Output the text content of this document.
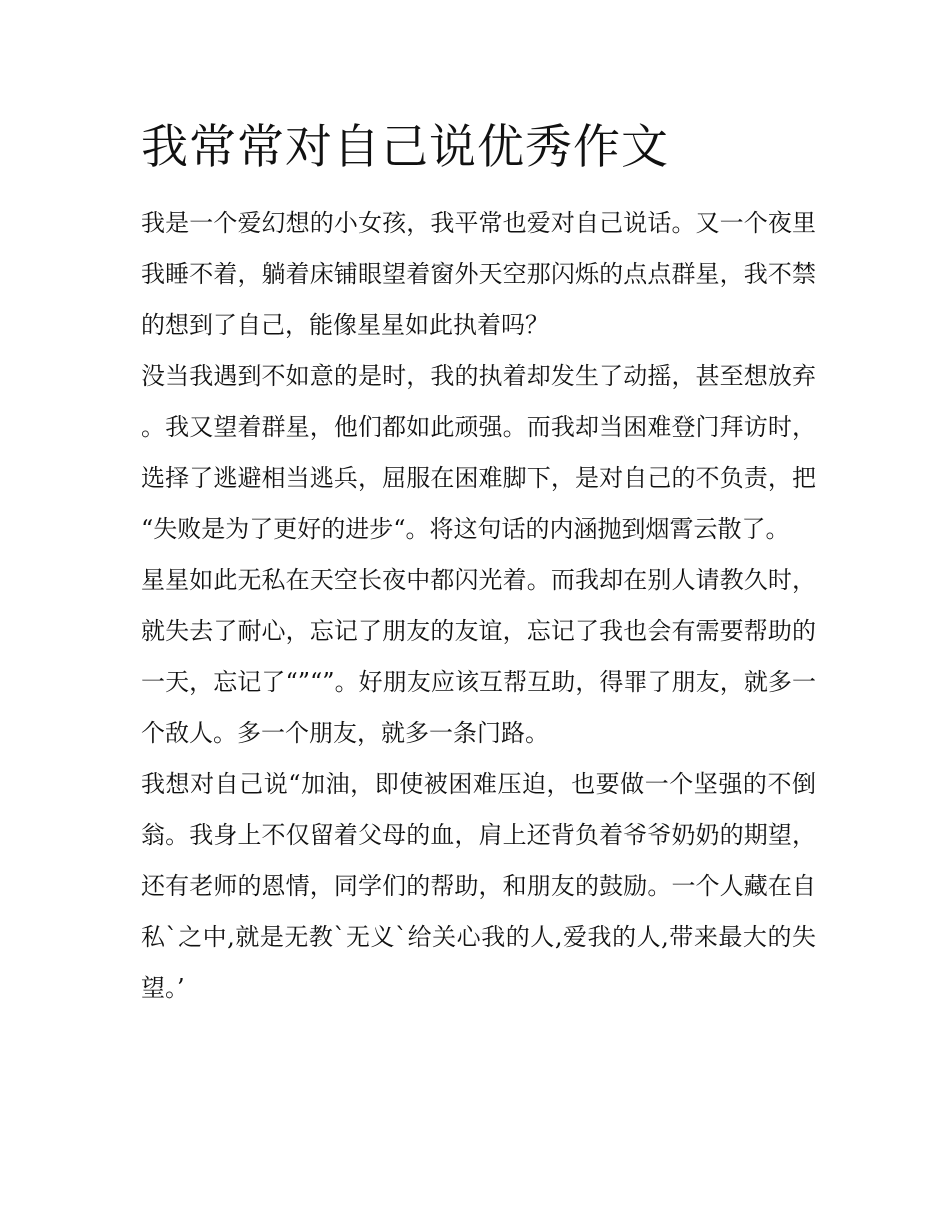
我常常对自己说优秀作文

我是一个爱幻想的小女孩，我平常也爱对自己说话。又一个夜里我睡不着，躺着床铺眼望着窗外天空那闪烁的点点群星，我不禁的想到了自己，能像星星如此执着吗？

没当我遇到不如意的是时，我的执着却发生了动摇，甚至想放弃。我又望着群星，他们都如此顽强。而我却当困难登门拜访时，选择了逃避相当逃兵，屈服在困难脚下，是对自己的不负责，把“失败是为了更好的进步“。将这句话的内涵抛到烟霄云散了。

星星如此无私在天空长夜中都闪光着。而我却在别人请教久时，就失去了耐心，忘记了朋友的友谊，忘记了我也会有需要帮助的一天，忘记了“”“”。好朋友应该互帮互助，得罪了朋友，就多一个敌人。多一个朋友，就多一条门路。

我想对自己说“加油，即使被困难压迫，也要做一个坚强的不倒翁。我身上不仅留着父母的血，肩上还背负着爷爷奶奶的期望，还有老师的恩情，同学们的帮助，和朋友的鼓励。一个人藏在自私`之中,就是无教`无义`给关心我的人,爱我的人,带来最大的失望。’
